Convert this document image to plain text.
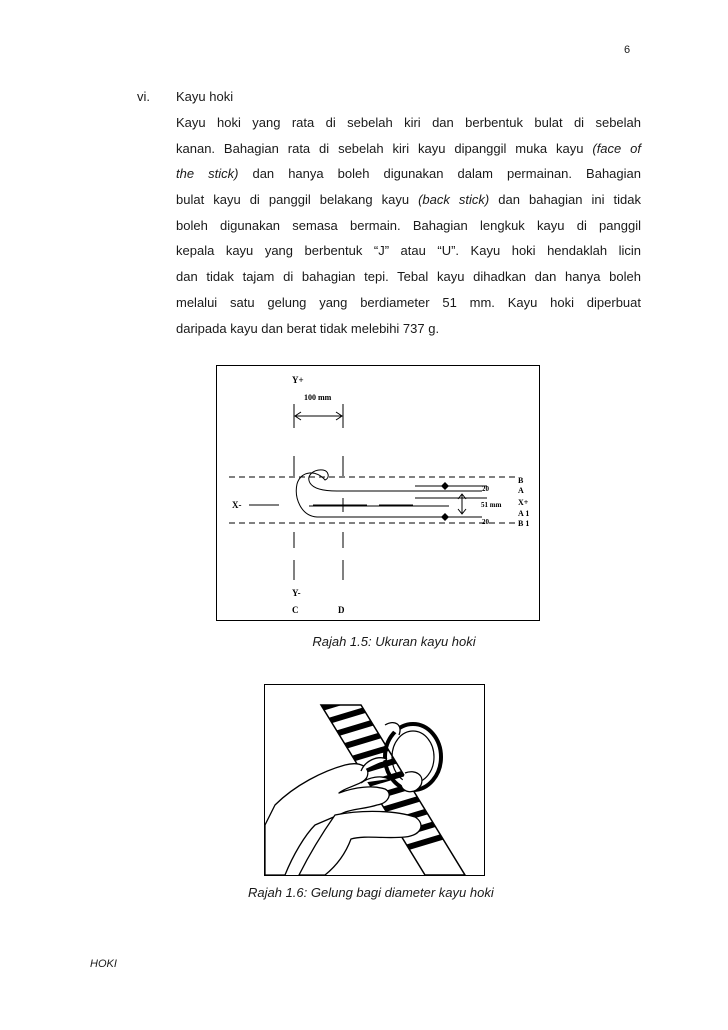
6
vi. Kayu hoki
Kayu hoki yang rata di sebelah kiri dan berbentuk bulat di sebelah
kanan. Bahagian rata di sebelah kiri kayu dipanggil muka kayu (face of
the stick) dan hanya boleh digunakan dalam permainan. Bahagian
bulat kayu di panggil belakang kayu (back stick) dan bahagian ini tidak
boleh digunakan semasa bermain. Bahagian lengkuk kayu di panggil
kepala kayu yang berbentuk “J” atau “U”. Kayu hoki hendaklah licin
dan tidak tajam di bahagian tepi. Tebal kayu dihadkan dan hanya boleh
melalui satu gelung yang berdiameter 51 mm. Kayu hoki diperbuat
daripada kayu dan berat tidak melebihi 737 g.
Y+
100 mm
X-
20
51 mm
20
B
A
X+
A 1
B 1
Y-
C	D
Rajah 1.5: Ukuran kayu hoki
Rajah 1.6: Gelung bagi diameter kayu hoki
HOKI
